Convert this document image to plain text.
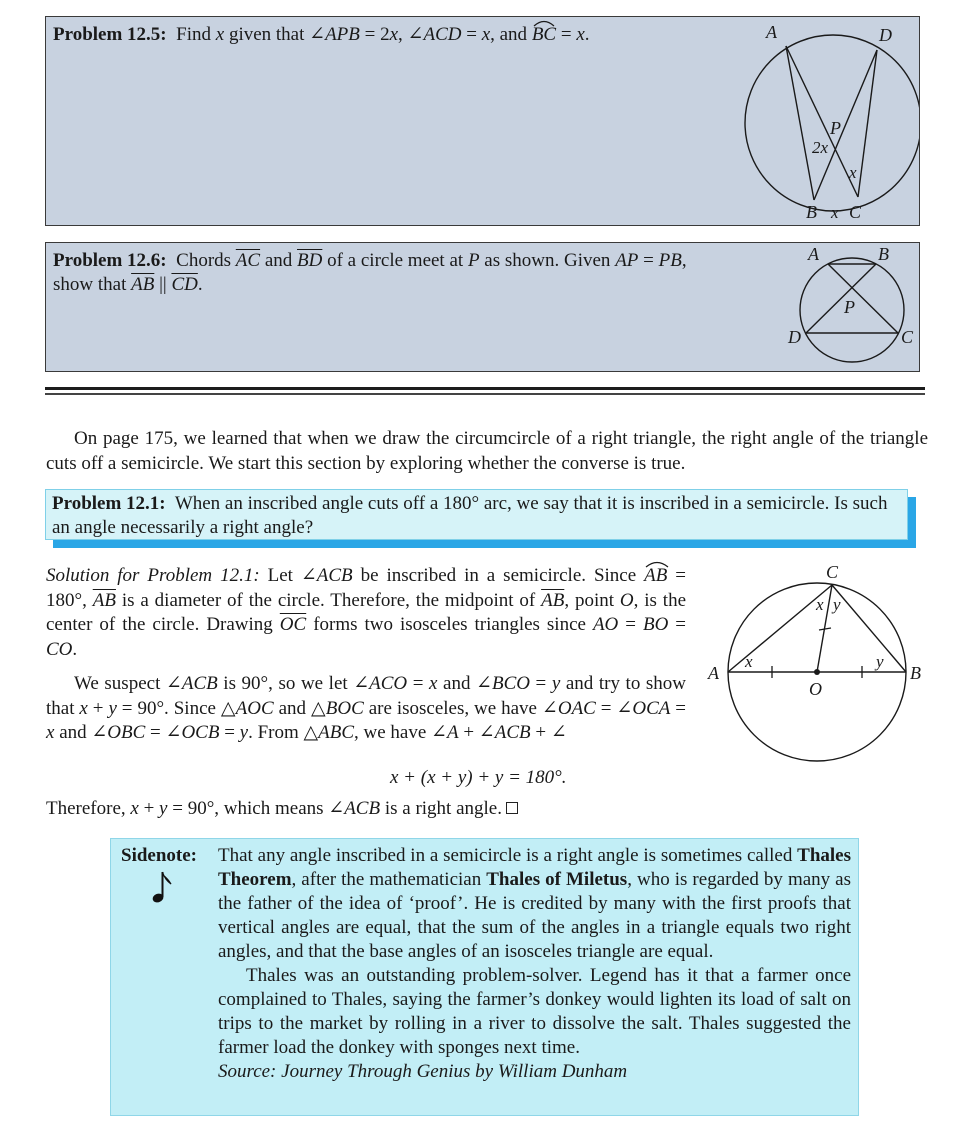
Problem 12.5: Find x given that ∠APB = 2x, ∠ACD = x, and BC
= x.	A	D
P
2x
x
B x C
Problem 12.6: Chords $\overline{AC}$ and $\overline{BD}$ of a circle meet at P as shown. Given AP = PB,
show that $\overline{AB}$ || $\overline{CD}$.
A	B
P
D	C
On page 175, we learned that when we draw the circumcircle of a right triangle, the right angle of the triangle cuts off a semicircle. We start this section by exploring whether the converse is true.
Problem 12.1: When an inscribed angle cuts off a 180° arc, we say that it is inscribed in a semicircle. Is such an angle necessarily a right angle?
Solution for Problem 12.1: Let ∠ACB be inscribed in a semicircle. Since AB
= 180°, $\overline{AB}$ is a diameter of the circle. Therefore, the midpoint of $\overline{AB}$, point O, is the center of the circle. Drawing $\overline{OC}$ forms two isosceles triangles since AO = BO = CO.
We suspect ∠ACB is 90°, so we let ∠ACO = x and ∠BCO = y and try to show that x + y = 90°. Since △AOC and △BOC are isosceles, we have ∠OAC = ∠OCA = x and ∠OBC = ∠OCB = y. From △ABC, we have ∠A + ∠ACB + ∠
x + (x + y) + y = 180°.
Therefore, x + y = 90°, which means ∠ACB is a right angle.
C
x y
x	y
A	B
O
Sidenote: That any angle inscribed in a semicircle is a right angle is sometimes called Thales Theorem, after the mathematician Thales of Miletus, who is regarded by many as the father of the idea of ‘proof’. He is credited by many with the first proofs that vertical angles are equal, that the sum of the angles in a triangle equals two right angles, and that the base angles of an isosceles triangle are equal.
Thales was an outstanding problem-solver. Legend has it that a farmer once complained to Thales, saying the farmer’s donkey would lighten its load of salt on trips to the market by rolling in a river to dissolve the salt. Thales suggested the farmer load the donkey with sponges next time.
Source: Journey Through Genius by William Dunham
